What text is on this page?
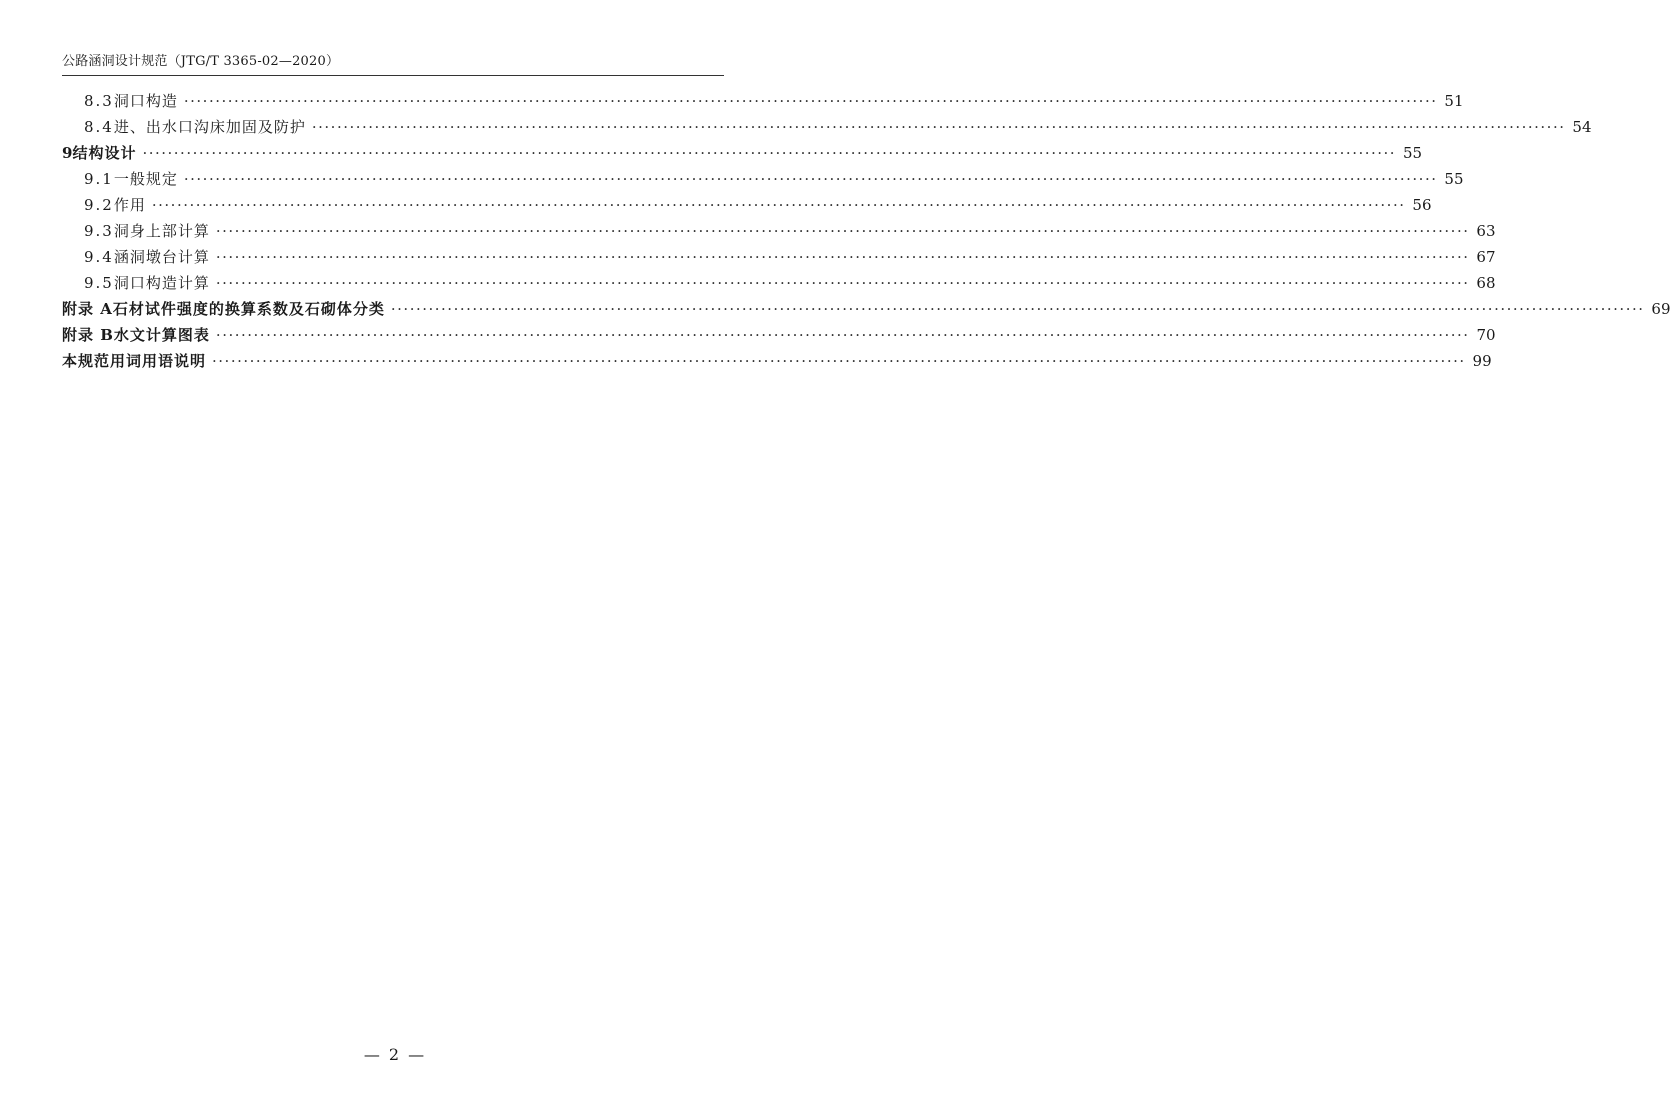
公路涵洞设计规范（JTG/T 3365-02—2020）
8.3 洞口构造 ········································································································································································································ 51
8.4 进、出水口沟床加固及防护 ········································································································································································································ 54
9 结构设计 ········································································································································································································ 55
9.1 一般规定 ········································································································································································································ 55
9.2 作用 ········································································································································································································ 56
9.3 洞身上部计算 ········································································································································································································ 63
9.4 涵洞墩台计算 ········································································································································································································ 67
9.5 洞口构造计算 ········································································································································································································ 68
附录 A 石材试件强度的换算系数及石砌体分类 ········································································································································································································ 69
附录 B 水文计算图表 ········································································································································································································ 70
本规范用词用语说明 ········································································································································································································ 99
— 2 —
